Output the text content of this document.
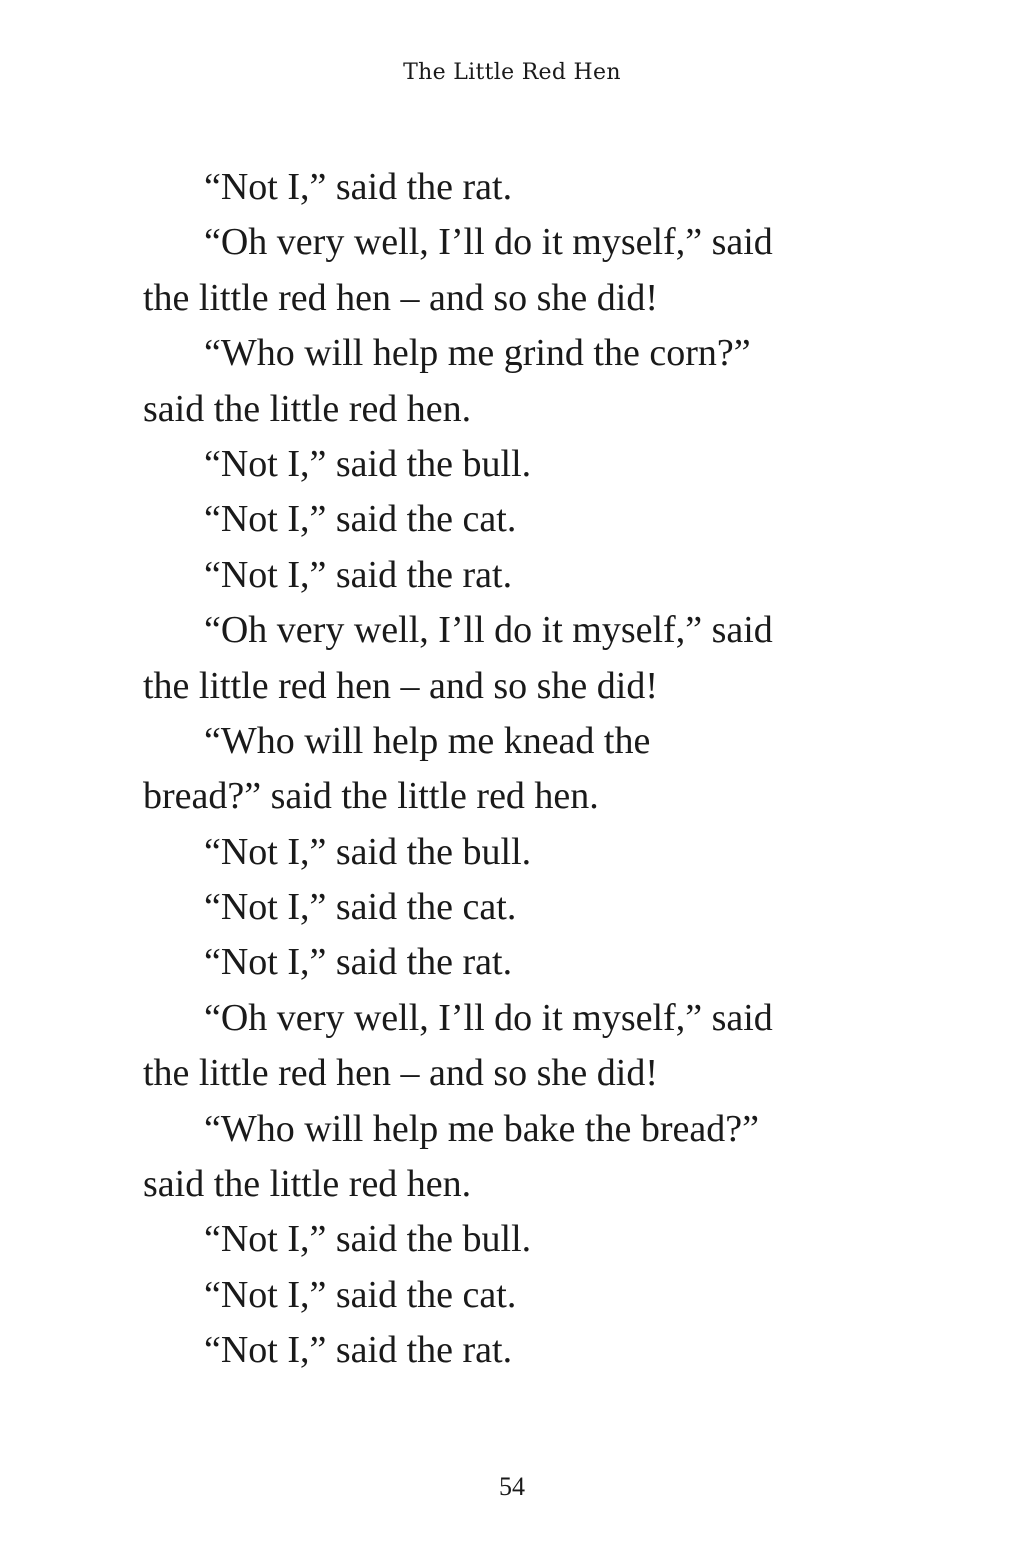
The Little Red Hen
“Not I,” said the rat.
“Oh very well, I’ll do it myself,” said
the little red hen – and so she did!
“Who will help me grind the corn?”
said the little red hen.
“Not I,” said the bull.
“Not I,” said the cat.
“Not I,” said the rat.
“Oh very well, I’ll do it myself,” said
the little red hen – and so she did!
“Who will help me knead the
bread?” said the little red hen.
“Not I,” said the bull.
“Not I,” said the cat.
“Not I,” said the rat.
“Oh very well, I’ll do it myself,” said
the little red hen – and so she did!
“Who will help me bake the bread?”
said the little red hen.
“Not I,” said the bull.
“Not I,” said the cat.
“Not I,” said the rat.
54
